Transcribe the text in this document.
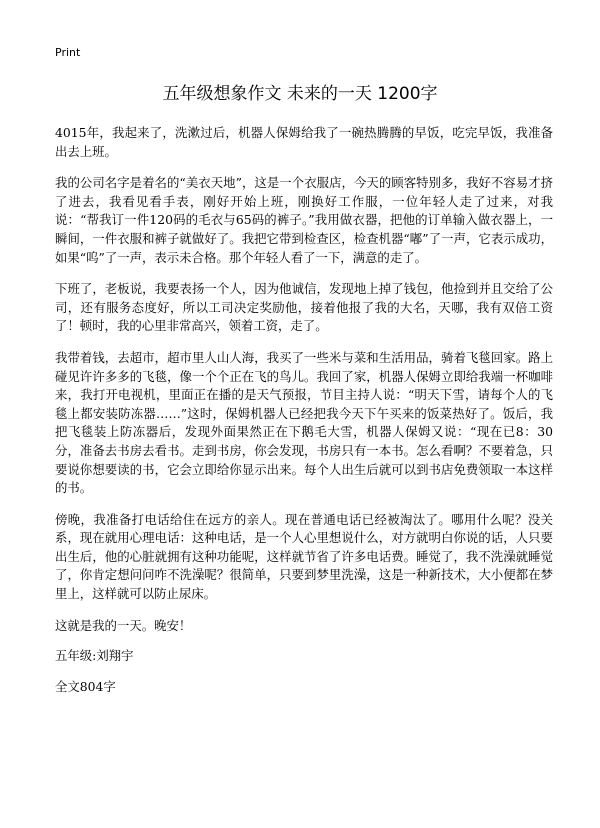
Print
五年级想象作文 未来的一天 1200字

4015年，我起来了，洗漱过后，机器人保姆给我了一碗热腾腾的早饭，吃完早饭，我准备出去上班。

我的公司名字是着名的“美衣天地”，这是一个衣服店，今天的顾客特别多，我好不容易才挤了进去，我看见看手表，刚好开始上班，刚换好工作服，一位年轻人走了过来，对我说：“帮我订一件120码的毛衣与65码的裤子。”我用做衣器，把他的订单输入做衣器上，一瞬间，一件衣服和裤子就做好了。我把它带到检查区，检查机器“嘟”了一声，它表示成功，如果“呜”了一声，表示未合格。那个年轻人看了一下，满意的走了。

下班了，老板说，我要表扬一个人，因为他诚信，发现地上掉了钱包，他捡到并且交给了公司，还有服务态度好，所以工司决定奖励他，接着他报了我的大名，天哪，我有双倍工资了！顿时，我的心里非常高兴，领着工资，走了。

我带着钱，去超市，超市里人山人海，我买了一些米与菜和生活用品，骑着飞毯回家。路上碰见许许多多的飞毯，像一个个正在飞的鸟儿。我回了家，机器人保姆立即给我端一杯咖啡来，我打开电视机，里面正在播的是天气预报，节目主持人说：“明天下雪，请每个人的飞毯上都安装防冻器……”这时，保姆机器人已经把我今天下午买来的饭菜热好了。饭后，我把飞毯装上防冻器后，发现外面果然正在下鹅毛大雪，机器人保姆又说：“现在已8：30分，准备去书房去看书。走到书房，你会发现，书房只有一本书。怎么看啊？不要着急，只要说你想要读的书，它会立即给你显示出来。每个人出生后就可以到书店免费领取一本这样的书。

傍晚，我准备打电话给住在远方的亲人。现在普通电话已经被淘汰了。哪用什么呢？没关系，现在就用心理电话：这种电话，是一个人心里想说什么，对方就明白你说的话，人只要出生后，他的心脏就拥有这种功能呢，这样就节省了许多电话费。睡觉了，我不洗澡就睡觉了，你肯定想问问咋不洗澡呢？很简单，只要到梦里洗澡，这是一种新技术，大小便都在梦里上，这样就可以防止尿床。

这就是我的一天。晚安！

五年级:刘翔宇

全文804字
